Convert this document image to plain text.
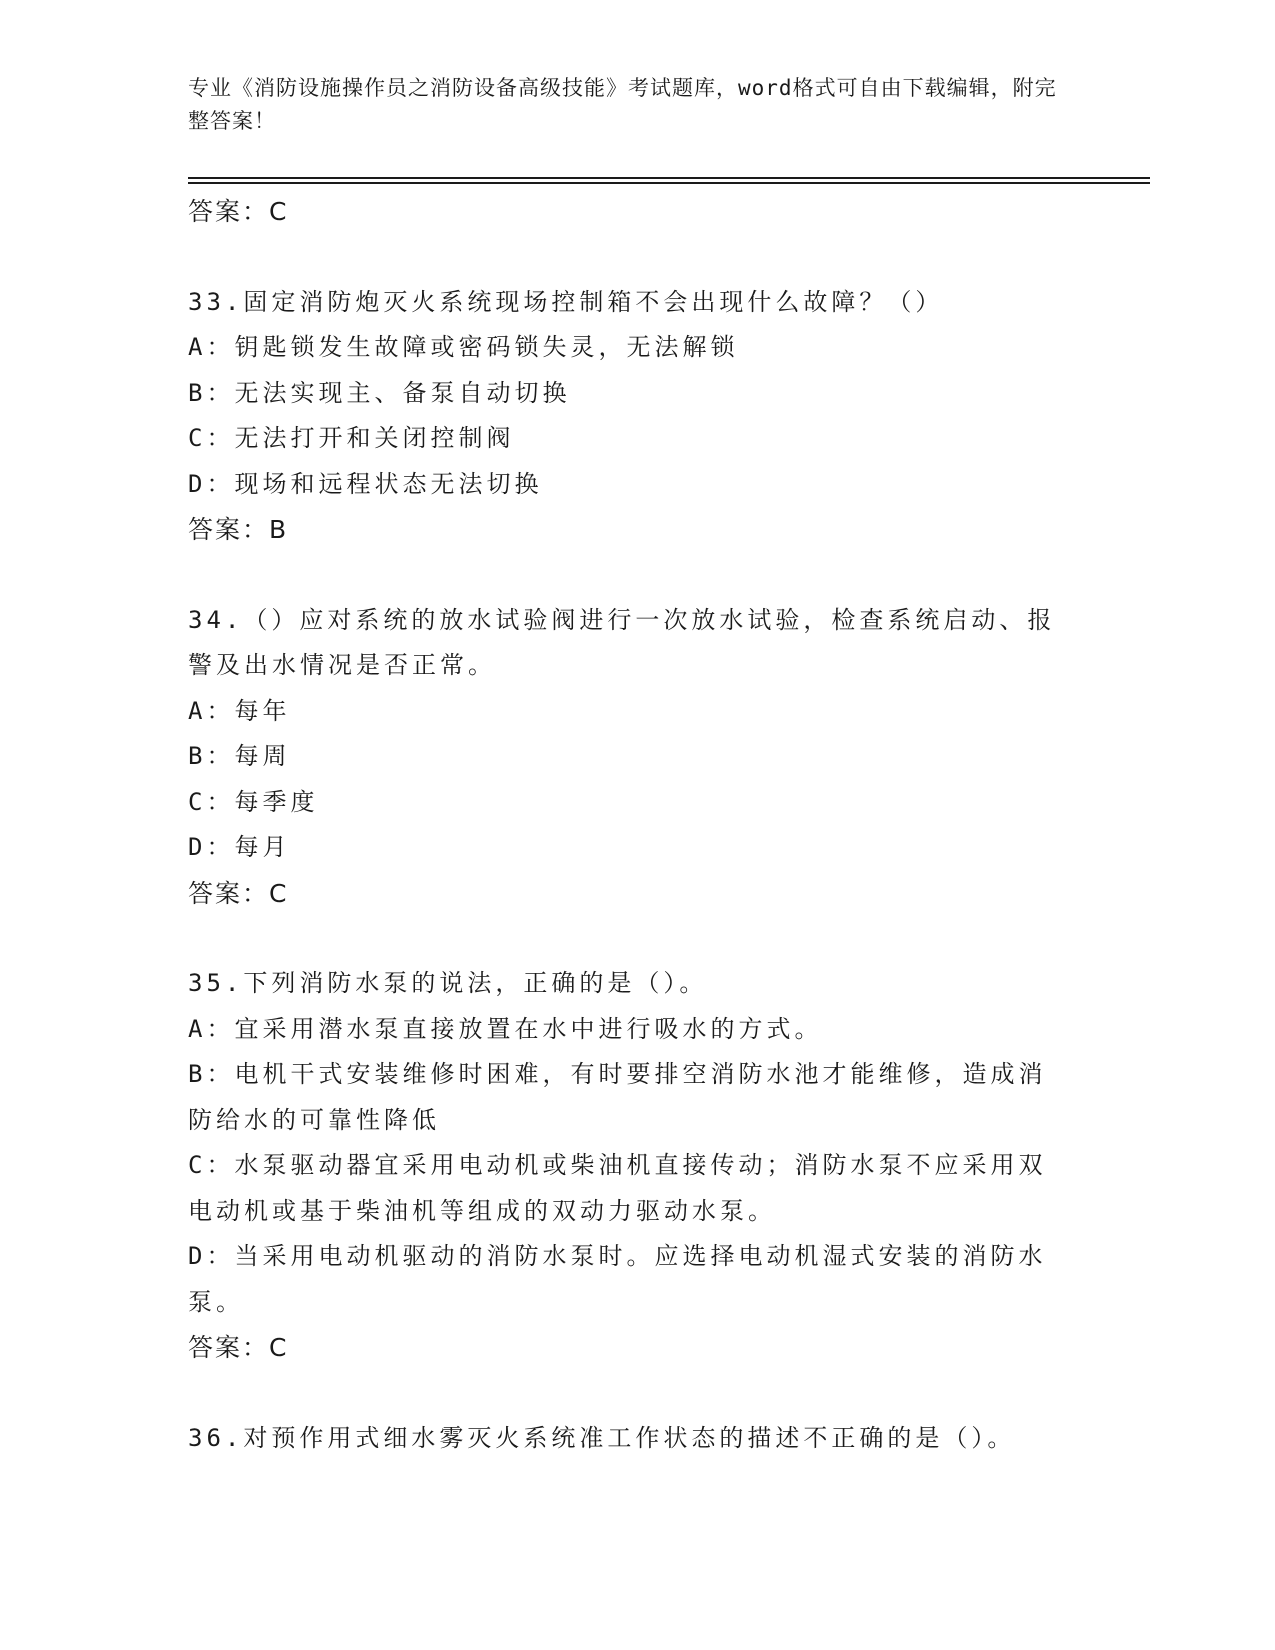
专业《消防设施操作员之消防设备高级技能》考试题库，word格式可自由下载编辑，附完整答案！
答案：C
33.固定消防炮灭火系统现场控制箱不会出现什么故障？（）
A：钥匙锁发生故障或密码锁失灵，无法解锁
B：无法实现主、备泵自动切换
C：无法打开和关闭控制阀
D：现场和远程状态无法切换
答案：B
34.（）应对系统的放水试验阀进行一次放水试验，检查系统启动、报警及出水情况是否正常。
A：每年
B：每周
C：每季度
D：每月
答案：C
35.下列消防水泵的说法，正确的是（）。
A：宜采用潜水泵直接放置在水中进行吸水的方式。
B：电机干式安装维修时困难，有时要排空消防水池才能维修，造成消防给水的可靠性降低
C：水泵驱动器宜采用电动机或柴油机直接传动；消防水泵不应采用双电动机或基于柴油机等组成的双动力驱动水泵。
D：当采用电动机驱动的消防水泵时。应选择电动机湿式安装的消防水泵。
答案：C
36.对预作用式细水雾灭火系统准工作状态的描述不正确的是（）。
